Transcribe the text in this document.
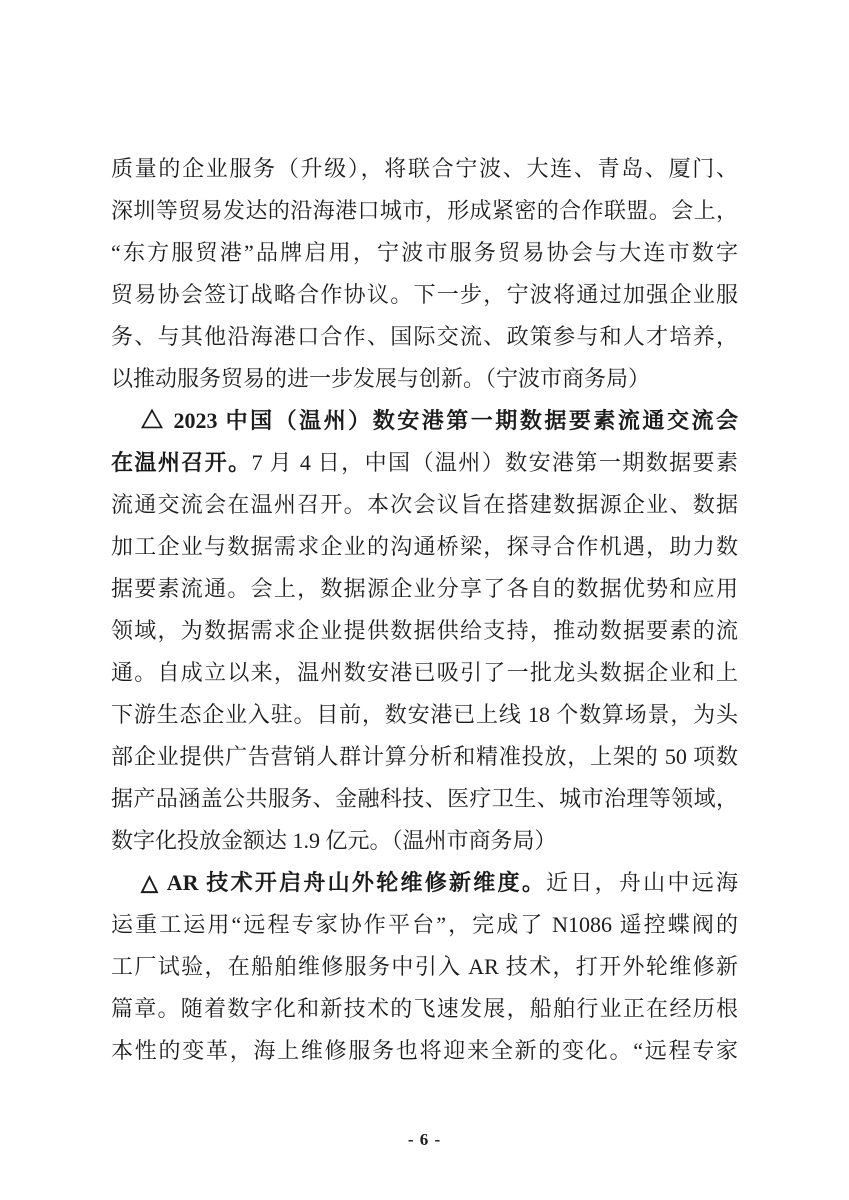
质量的企业服务（升级），将联合宁波、大连、青岛、厦门、
深圳等贸易发达的沿海港口城市，形成紧密的合作联盟。会上，
“东方服贸港”品牌启用，宁波市服务贸易协会与大连市数字
贸易协会签订战略合作协议。下一步，宁波将通过加强企业服
务、与其他沿海港口合作、国际交流、政策参与和人才培养，
以推动服务贸易的进一步发展与创新。（宁波市商务局）
△ 2023 中国（温州）数安港第一期数据要素流通交流会
在温州召开。7 月 4 日，中国（温州）数安港第一期数据要素
流通交流会在温州召开。本次会议旨在搭建数据源企业、数据
加工企业与数据需求企业的沟通桥梁，探寻合作机遇，助力数
据要素流通。会上，数据源企业分享了各自的数据优势和应用
领域，为数据需求企业提供数据供给支持，推动数据要素的流
通。自成立以来，温州数安港已吸引了一批龙头数据企业和上
下游生态企业入驻。目前，数安港已上线 18 个数算场景，为头
部企业提供广告营销人群计算分析和精准投放，上架的 50 项数
据产品涵盖公共服务、金融科技、医疗卫生、城市治理等领域，
数字化投放金额达 1.9 亿元。（温州市商务局）
△ AR 技术开启舟山外轮维修新维度。近日，舟山中远海
运重工运用“远程专家协作平台”，完成了 N1086 遥控蝶阀的
工厂试验，在船舶维修服务中引入 AR 技术，打开外轮维修新
篇章。随着数字化和新技术的飞速发展，船舶行业正在经历根
本性的变革，海上维修服务也将迎来全新的变化。“远程专家
- 6 -
